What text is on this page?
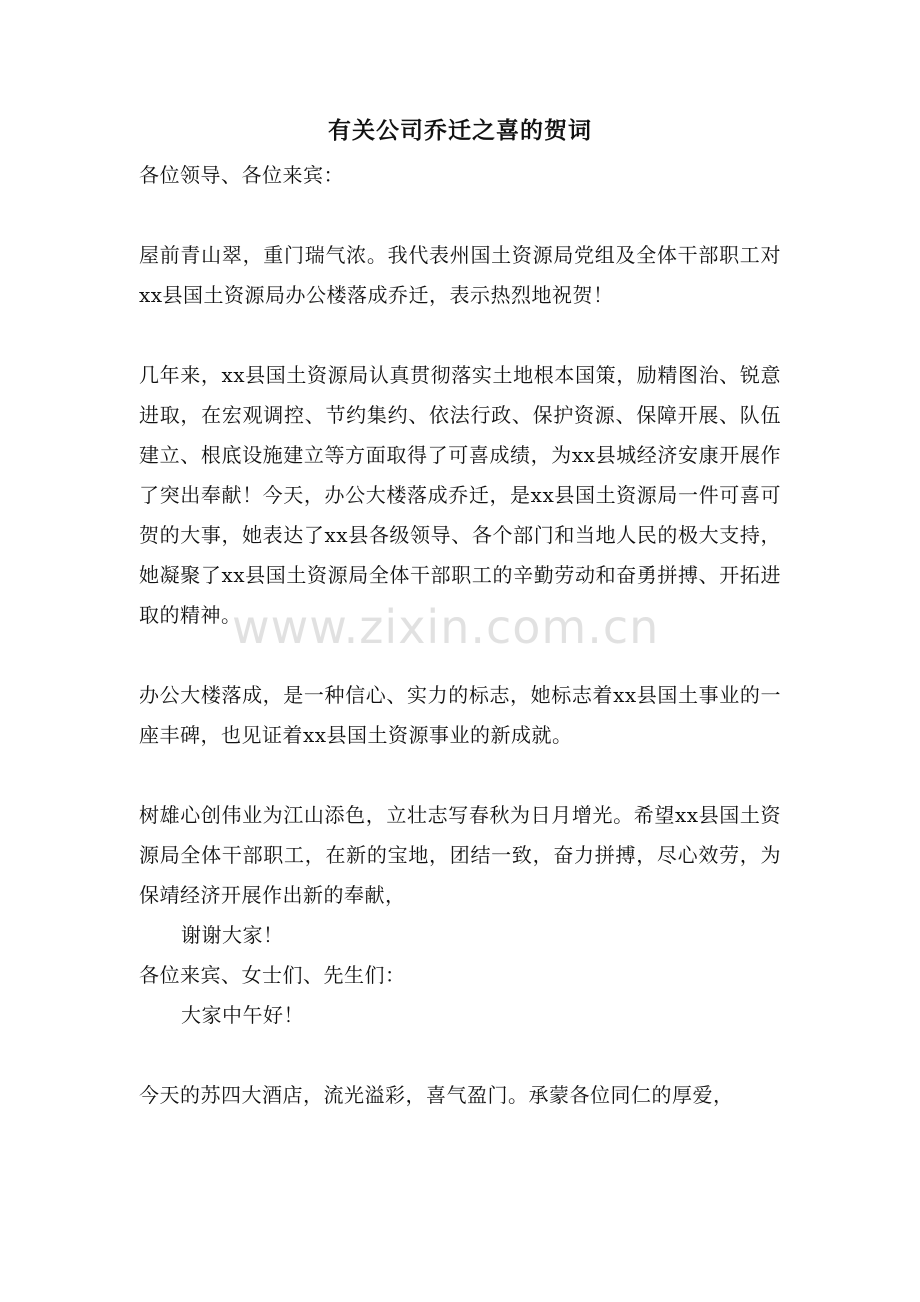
有关公司乔迁之喜的贺词

各位领导、各位来宾：

屋前青山翠，重门瑞气浓。我代表州国土资源局党组及全体干部职工对xx县国土资源局办公楼落成乔迁，表示热烈地祝贺！

几年来，xx县国土资源局认真贯彻落实土地根本国策，励精图治、锐意进取，在宏观调控、节约集约、依法行政、保护资源、保障开展、队伍建立、根底设施建立等方面取得了可喜成绩，为xx县城经济安康开展作了突出奉献！今天，办公大楼落成乔迁，是xx县国土资源局一件可喜可贺的大事，她表达了xx县各级领导、各个部门和当地人民的极大支持，她凝聚了xx县国土资源局全体干部职工的辛勤劳动和奋勇拼搏、开拓进取的精神。

办公大楼落成，是一种信心、实力的标志，她标志着xx县国土事业的一座丰碑，也见证着xx县国土资源事业的新成就。

树雄心创伟业为江山添色，立壮志写春秋为日月增光。希望xx县国土资源局全体干部职工，在新的宝地，团结一致，奋力拼搏，尽心效劳，为保靖经济开展作出新的奉献，

谢谢大家！

各位来宾、女士们、先生们：

大家中午好！

今天的苏四大酒店，流光溢彩，喜气盈门。承蒙各位同仁的厚爱，

www.zixin.com.cn
